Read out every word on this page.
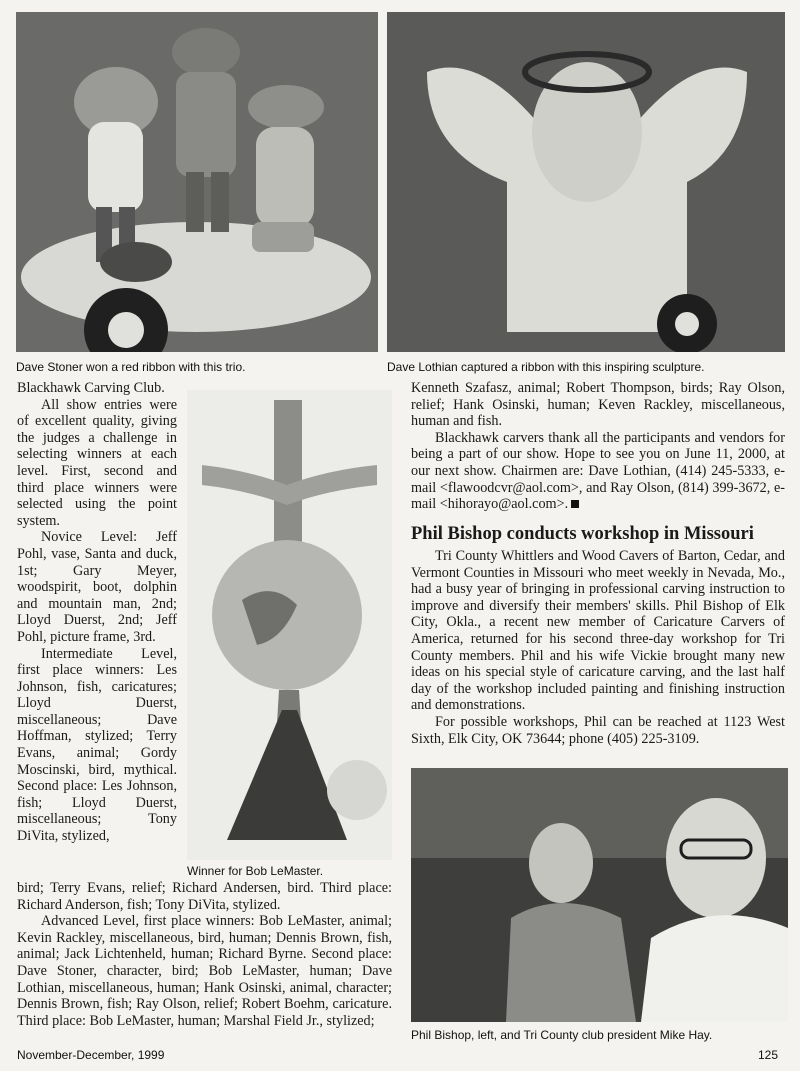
Dave Stoner won a red ribbon with this trio.	Dave Lothian captured a ribbon with this inspiring sculpture.

Winner for Bob LeMaster.

Phil Bishop, left, and Tri County club president Mike Hay.

Blackhawk Carving Club.

All show entries were of excellent quality, giving the judges a challenge in selecting winners at each level. First, second and third place winners were selected using the point system.

Novice Level: Jeff Pohl, vase, Santa and duck, 1st; Gary Meyer, woodspirit, boot, dolphin and mountain man, 2nd; Lloyd Duerst, 2nd; Jeff Pohl, picture frame, 3rd.

Intermediate Level, first place winners: Les Johnson, fish, caricatures; Lloyd Duerst, miscellaneous; Dave Hoffman, stylized; Terry Evans, animal; Gordy Moscinski, bird, mythical. Second place: Les Johnson, fish; Lloyd Duerst, miscellaneous; Tony DiVita, stylized,

bird; Terry Evans, relief; Richard Andersen, bird. Third place: Richard Anderson, fish; Tony DiVita, stylized.

Advanced Level, first place winners: Bob LeMaster, animal; Kevin Rackley, miscellaneous, bird, human; Dennis Brown, fish, animal; Jack Lichtenheld, human; Richard Byrne. Second place: Dave Stoner, character, bird; Bob LeMaster, human; Dave Lothian, miscellaneous, human; Hank Osinski, animal, character; Dennis Brown, fish; Ray Olson, relief; Robert Boehm, caricature. Third place: Bob LeMaster, human; Marshal Field Jr., stylized;

Kenneth Szafasz, animal; Robert Thompson, birds; Ray Olson, relief; Hank Osinski, human; Keven Rackley, miscellaneous, human and fish.

Blackhawk carvers thank all the participants and vendors for being a part of our show. Hope to see you on June 11, 2000, at our next show. Chairmen are: Dave Lothian, (414) 245-5333, e-mail <flawoodcvr@aol.com>, and Ray Olson, (814) 399-3672, e-mail <hihorayo@aol.com>.

Phil Bishop conducts workshop in Missouri

Tri County Whittlers and Wood Cavers of Barton, Cedar, and Vermont Counties in Missouri who meet weekly in Nevada, Mo., had a busy year of bringing in professional carving instruction to improve and diversify their members' skills. Phil Bishop of Elk City, Okla., a recent new member of Caricature Carvers of America, returned for his second three-day workshop for Tri County members. Phil and his wife Vickie brought many new ideas on his special style of caricature carving, and the last half day of the workshop included painting and finishing instruction and demonstrations.

For possible workshops, Phil can be reached at 1123 West Sixth, Elk City, OK 73644; phone (405) 225-3109.

November-December, 1999	125
